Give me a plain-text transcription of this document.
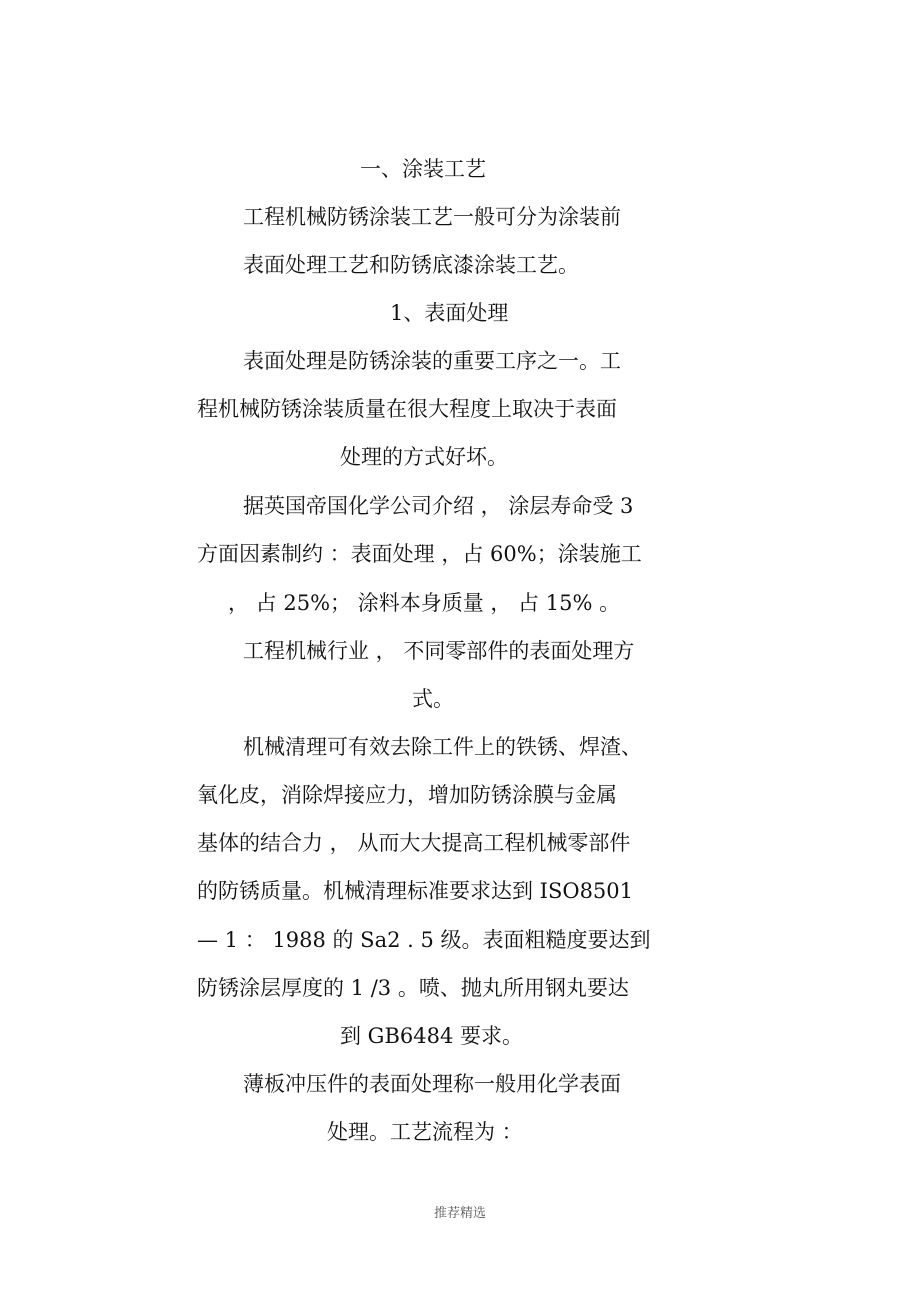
一、涂装工艺
工程机械防锈涂装工艺一般可分为涂装前
表面处理工艺和防锈底漆涂装工艺。
1、表面处理
表面处理是防锈涂装的重要工序之一。工
程机械防锈涂装质量在很大程度上取决于表面
处理的方式好坏。
据英国帝国化学公司介绍 ， 涂层寿命受 3
方面因素制约 ：表面处理 ，占 60%；涂装施工
， 占 25%； 涂料本身质量 ， 占 15% 。
工程机械行业 ， 不同零部件的表面处理方
式。
机械清理可有效去除工件上的铁锈、焊渣、
氧化皮，消除焊接应力，增加防锈涂膜与金属
基体的结合力 ， 从而大大提高工程机械零部件
的防锈质量。机械清理标准要求达到 ISO8501
— 1 ： 1988 的 Sa2 . 5 级。表面粗糙度要达到
防锈涂层厚度的 1 /3 。喷、抛丸所用钢丸要达
到 GB6484 要求。
薄板冲压件的表面处理称一般用化学表面
处理。工艺流程为 ：
推荐精选
